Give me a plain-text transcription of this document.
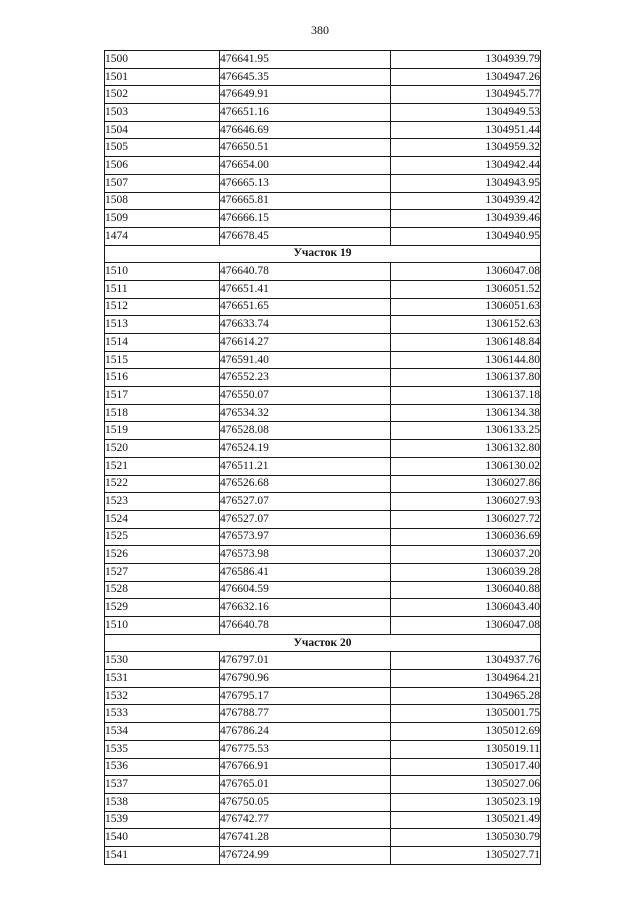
380
1500	476641.95	1304939.79
1501	476645.35	1304947.26
1502	476649.91	1304945.77
1503	476651.16	1304949.53
1504	476646.69	1304951.44
1505	476650.51	1304959.32
1506	476654.00	1304942.44
1507	476665.13	1304943.95
1508	476665.81	1304939.42
1509	476666.15	1304939.46
1474	476678.45	1304940.95
Участок 19		
1510	476640.78	1306047.08
1511	476651.41	1306051.52
1512	476651.65	1306051.63
1513	476633.74	1306152.63
1514	476614.27	1306148.84
1515	476591.40	1306144.80
1516	476552.23	1306137.80
1517	476550.07	1306137.18
1518	476534.32	1306134.38
1519	476528.08	1306133.25
1520	476524.19	1306132.80
1521	476511.21	1306130.02
1522	476526.68	1306027.86
1523	476527.07	1306027.93
1524	476527.07	1306027.72
1525	476573.97	1306036.69
1526	476573.98	1306037.20
1527	476586.41	1306039.28
1528	476604.59	1306040.88
1529	476632.16	1306043.40
1510	476640.78	1306047.08
Участок 20		
1530	476797.01	1304937.76
1531	476790.96	1304964.21
1532	476795.17	1304965.28
1533	476788.77	1305001.75
1534	476786.24	1305012.69
1535	476775.53	1305019.11
1536	476766.91	1305017.40
1537	476765.01	1305027.06
1538	476750.05	1305023.19
1539	476742.77	1305021.49
1540	476741.28	1305030.79
1541	476724.99	1305027.71
